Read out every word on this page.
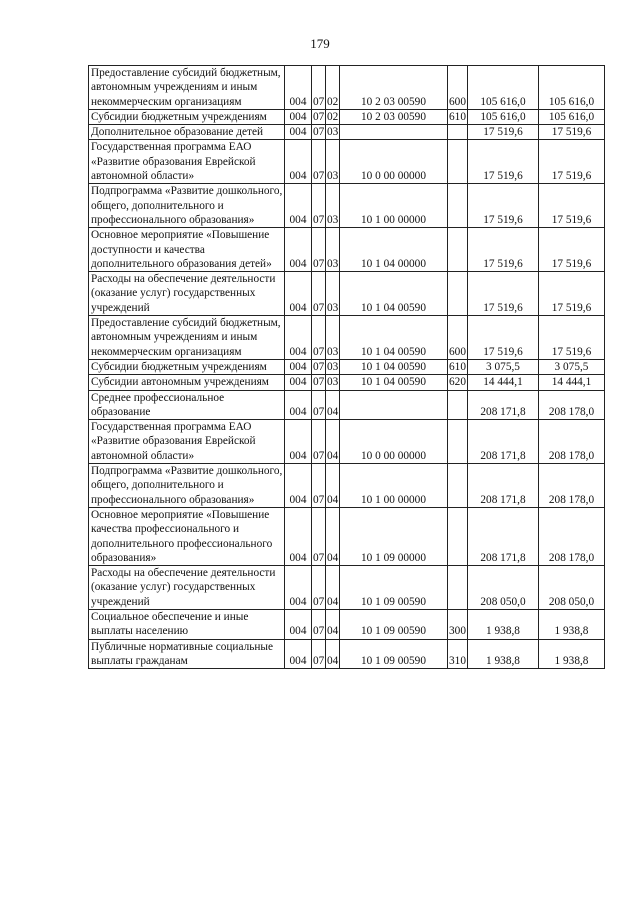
179
Предоставление субсидий бюджетным, автономным учреждениям и иным некоммерческим организациям	004	07	02	10 2 03 00590	600	105 616,0	105 616,0
Субсидии бюджетным учреждениям	004	07	02	10 2 03 00590	610	105 616,0	105 616,0
Дополнительное образование детей	004	07	03			17 519,6	17 519,6
Государственная программа ЕАО «Развитие образования Еврейской автономной области»	004	07	03	10 0 00 00000		17 519,6	17 519,6
Подпрограмма «Развитие дошкольного, общего, дополнительного и профессионального образования»	004	07	03	10 1 00 00000		17 519,6	17 519,6
Основное мероприятие «Повышение доступности и качества дополнительного образования детей»	004	07	03	10 1 04 00000		17 519,6	17 519,6
Расходы на обеспечение деятельности (оказание услуг) государственных учреждений	004	07	03	10 1 04 00590		17 519,6	17 519,6
Предоставление субсидий бюджетным, автономным учреждениям и иным некоммерческим организациям	004	07	03	10 1 04 00590	600	17 519,6	17 519,6
Субсидии бюджетным учреждениям	004	07	03	10 1 04 00590	610	3 075,5	3 075,5
Субсидии автономным учреждениям	004	07	03	10 1 04 00590	620	14 444,1	14 444,1
Среднее профессиональное образование	004	07	04			208 171,8	208 178,0
Государственная программа ЕАО «Развитие образования Еврейской автономной области»	004	07	04	10 0 00 00000		208 171,8	208 178,0
Подпрограмма «Развитие дошкольного, общего, дополнительного и профессионального образования»	004	07	04	10 1 00 00000		208 171,8	208 178,0
Основное мероприятие «Повышение качества профессионального и дополнительного профессионального образования»	004	07	04	10 1 09 00000		208 171,8	208 178,0
Расходы на обеспечение деятельности (оказание услуг) государственных учреждений	004	07	04	10 1 09 00590		208 050,0	208 050,0
Социальное обеспечение и иные выплаты населению	004	07	04	10 1 09 00590	300	1 938,8	1 938,8
Публичные нормативные социальные выплаты гражданам	004	07	04	10 1 09 00590	310	1 938,8	1 938,8
